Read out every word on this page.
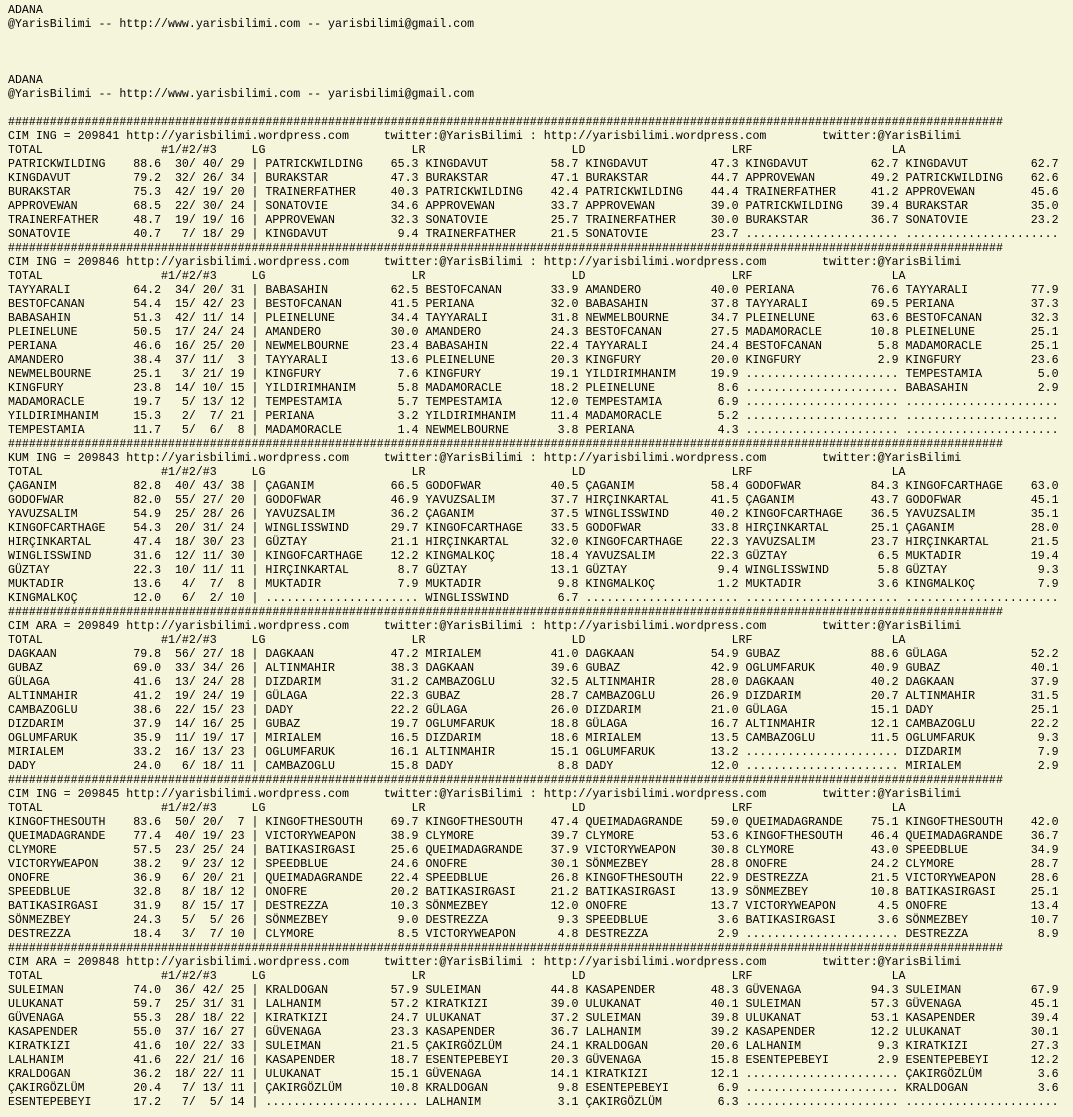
ADANA
@YarisBilimi -- http://www.yarisbilimi.com -- yarisbilimi@gmail.com
ADANA
@YarisBilimi -- http://www.yarisbilimi.com -- yarisbilimi@gmail.com
###############################################################################################################################################
CIM ING = 209841 http://yarisbilimi.wordpress.com     twitter:@YarisBilimi : http://yarisbilimi.wordpress.com        twitter:@YarisBilimi
TOTAL                 #1/#2/#3     LG                     LR                     LD                     LRF                    LA
PATRICKWILDING    88.6  30/ 40/ 29 | PATRICKWILDING    65.3 KINGDAVUT         58.7 KINGDAVUT         47.3 KINGDAVUT         62.7 KINGDAVUT         62.7
KINGDAVUT         79.2  32/ 26/ 34 | BURAKSTAR         47.3 BURAKSTAR         47.1 BURAKSTAR         44.7 APPROVEWAN        49.2 PATRICKWILDING    62.6
BURAKSTAR         75.3  42/ 19/ 20 | TRAINERFATHER     40.3 PATRICKWILDING    42.4 PATRICKWILDING    44.4 TRAINERFATHER     41.2 APPROVEWAN        45.6
APPROVEWAN        68.5  22/ 30/ 24 | SONATOVIE         34.6 APPROVEWAN        33.7 APPROVEWAN        39.0 PATRICKWILDING    39.4 BURAKSTAR         35.0
TRAINERFATHER     48.7  19/ 19/ 16 | APPROVEWAN        32.3 SONATOVIE         25.7 TRAINERFATHER     30.0 BURAKSTAR         36.7 SONATOVIE         23.2
SONATOVIE         40.7   7/ 18/ 29 | KINGDAVUT          9.4 TRAINERFATHER     21.5 SONATOVIE         23.7 ...................... ......................
###############################################################################################################################################
CIM ING = 209846 http://yarisbilimi.wordpress.com     twitter:@YarisBilimi : http://yarisbilimi.wordpress.com        twitter:@YarisBilimi
TOTAL                 #1/#2/#3     LG                     LR                     LD                     LRF                    LA
TAYYARALI         64.2  34/ 20/ 31 | BABASAHIN         62.5 BESTOFCANAN       33.9 AMANDERO          40.0 PERIANA           76.6 TAYYARALI         77.9
BESTOFCANAN       54.4  15/ 42/ 23 | BESTOFCANAN       41.5 PERIANA           32.0 BABASAHIN         37.8 TAYYARALI         69.5 PERIANA           37.3
BABASAHIN         51.3  42/ 11/ 14 | PLEINELUNE        34.4 TAYYARALI         31.8 NEWMELBOURNE      34.7 PLEINELUNE        63.6 BESTOFCANAN       32.3
PLEINELUNE        50.5  17/ 24/ 24 | AMANDERO          30.0 AMANDERO          24.3 BESTOFCANAN       27.5 MADAMORACLE       10.8 PLEINELUNE        25.1
PERIANA           46.6  16/ 25/ 20 | NEWMELBOURNE      23.4 BABASAHIN         22.4 TAYYARALI         24.4 BESTOFCANAN        5.8 MADAMORACLE       25.1
AMANDERO          38.4  37/ 11/  3 | TAYYARALI         13.6 PLEINELUNE        20.3 KINGFURY          20.0 KINGFURY           2.9 KINGFURY          23.6
NEWMELBOURNE      25.1   3/ 21/ 19 | KINGFURY           7.6 KINGFURY          19.1 YILDIRIMHANIM     19.9 ...................... TEMPESTAMIA        5.0
KINGFURY          23.8  14/ 10/ 15 | YILDIRIMHANIM      5.8 MADAMORACLE       18.2 PLEINELUNE         8.6 ...................... BABASAHIN          2.9
MADAMORACLE       19.7   5/ 13/ 12 | TEMPESTAMIA        5.7 TEMPESTAMIA       12.0 TEMPESTAMIA        6.9 ...................... ......................
YILDIRIMHANIM     15.3   2/  7/ 21 | PERIANA            3.2 YILDIRIMHANIM     11.4 MADAMORACLE        5.2 ...................... ......................
TEMPESTAMIA       11.7   5/  6/  8 | MADAMORACLE        1.4 NEWMELBOURNE       3.8 PERIANA            4.3 ...................... ......................
###############################################################################################################################################
KUM ING = 209843 http://yarisbilimi.wordpress.com     twitter:@YarisBilimi : http://yarisbilimi.wordpress.com        twitter:@YarisBilimi
TOTAL                 #1/#2/#3     LG                     LR                     LD                     LRF                    LA
ÇAGANIM           82.8  40/ 43/ 38 | ÇAGANIM           66.5 GODOFWAR          40.5 ÇAGANIM           58.4 GODOFWAR          84.3 KINGOFCARTHAGE    63.0
GODOFWAR          82.0  55/ 27/ 20 | GODOFWAR          46.9 YAVUZSALIM        37.7 HIRÇINKARTAL      41.5 ÇAGANIM           43.7 GODOFWAR          45.1
YAVUZSALIM        54.9  25/ 28/ 26 | YAVUZSALIM        36.2 ÇAGANIM           37.5 WINGLISSWIND      40.2 KINGOFCARTHAGE    36.5 YAVUZSALIM        35.1
KINGOFCARTHAGE    54.3  20/ 31/ 24 | WINGLISSWIND      29.7 KINGOFCARTHAGE    33.5 GODOFWAR          33.8 HIRÇINKARTAL      25.1 ÇAGANIM           28.0
HIRÇINKARTAL      47.4  18/ 30/ 23 | GÜZTAY            21.1 HIRÇINKARTAL      32.0 KINGOFCARTHAGE    22.3 YAVUZSALIM        23.7 HIRÇINKARTAL      21.5
WINGLISSWIND      31.6  12/ 11/ 30 | KINGOFCARTHAGE    12.2 KINGMALKOÇ        18.4 YAVUZSALIM        22.3 GÜZTAY             6.5 MUKTADIR          19.4
GÜZTAY            22.3  10/ 11/ 11 | HIRÇINKARTAL       8.7 GÜZTAY            13.1 GÜZTAY             9.4 WINGLISSWIND       5.8 GÜZTAY             9.3
MUKTADIR          13.6   4/  7/  8 | MUKTADIR           7.9 MUKTADIR           9.8 KINGMALKOÇ         1.2 MUKTADIR           3.6 KINGMALKOÇ         7.9
KINGMALKOÇ        12.0   6/  2/ 10 | ...................... WINGLISSWIND       6.7 ...................... ...................... ......................
###############################################################################################################################################
CIM ARA = 209849 http://yarisbilimi.wordpress.com     twitter:@YarisBilimi : http://yarisbilimi.wordpress.com        twitter:@YarisBilimi
TOTAL                 #1/#2/#3     LG                     LR                     LD                     LRF                    LA
DAGKAAN           79.8  56/ 27/ 18 | DAGKAAN           47.2 MIRIALEM          41.0 DAGKAAN           54.9 GUBAZ             88.6 GÜLAGA            52.2
GUBAZ             69.0  33/ 34/ 26 | ALTINMAHIR        38.3 DAGKAAN           39.6 GUBAZ             42.9 OGLUMFARUK        40.9 GUBAZ             40.1
GÜLAGA            41.6  13/ 24/ 28 | DIZDARIM          31.2 CAMBAZOGLU        32.5 ALTINMAHIR        28.0 DAGKAAN           40.2 DAGKAAN           37.9
ALTINMAHIR        41.2  19/ 24/ 19 | GÜLAGA            22.3 GUBAZ             28.7 CAMBAZOGLU        26.9 DIZDARIM          20.7 ALTINMAHIR        31.5
CAMBAZOGLU        38.6  22/ 15/ 23 | DADY              22.2 GÜLAGA            26.0 DIZDARIM          21.0 GÜLAGA            15.1 DADY              25.1
DIZDARIM          37.9  14/ 16/ 25 | GUBAZ             19.7 OGLUMFARUK        18.8 GÜLAGA            16.7 ALTINMAHIR        12.1 CAMBAZOGLU        22.2
OGLUMFARUK        35.9  11/ 19/ 17 | MIRIALEM          16.5 DIZDARIM          18.6 MIRIALEM          13.5 CAMBAZOGLU        11.5 OGLUMFARUK         9.3
MIRIALEM          33.2  16/ 13/ 23 | OGLUMFARUK        16.1 ALTINMAHIR        15.1 OGLUMFARUK        13.2 ...................... DIZDARIM           7.9
DADY              24.0   6/ 18/ 11 | CAMBAZOGLU        15.8 DADY               8.8 DADY              12.0 ...................... MIRIALEM           2.9
###############################################################################################################################################
CIM ING = 209845 http://yarisbilimi.wordpress.com     twitter:@YarisBilimi : http://yarisbilimi.wordpress.com        twitter:@YarisBilimi
TOTAL                 #1/#2/#3     LG                     LR                     LD                     LRF                    LA
KINGOFTHESOUTH    83.6  50/ 20/  7 | KINGOFTHESOUTH    69.7 KINGOFTHESOUTH    47.4 QUEIMADAGRANDE    59.0 QUEIMADAGRANDE    75.1 KINGOFTHESOUTH    42.0
QUEIMADAGRANDE    77.4  40/ 19/ 23 | VICTORYWEAPON     38.9 CLYMORE           39.7 CLYMORE           53.6 KINGOFTHESOUTH    46.4 QUEIMADAGRANDE    36.7
CLYMORE           57.5  23/ 25/ 24 | BATIKASIRGASI     25.6 QUEIMADAGRANDE    37.9 VICTORYWEAPON     30.8 CLYMORE           43.0 SPEEDBLUE         34.9
VICTORYWEAPON     38.2   9/ 23/ 12 | SPEEDBLUE         24.6 ONOFRE            30.1 SÖNMEZBEY         28.8 ONOFRE            24.2 CLYMORE           28.7
ONOFRE            36.9   6/ 20/ 21 | QUEIMADAGRANDE    22.4 SPEEDBLUE         26.8 KINGOFTHESOUTH    22.9 DESTREZZA         21.5 VICTORYWEAPON     28.6
SPEEDBLUE         32.8   8/ 18/ 12 | ONOFRE            20.2 BATIKASIRGASI     21.2 BATIKASIRGASI     13.9 SÖNMEZBEY         10.8 BATIKASIRGASI     25.1
BATIKASIRGASI     31.9   8/ 15/ 17 | DESTREZZA         10.3 SÖNMEZBEY         12.0 ONOFRE            13.7 VICTORYWEAPON      4.5 ONOFRE            13.4
SÖNMEZBEY         24.3   5/  5/ 26 | SÖNMEZBEY          9.0 DESTREZZA          9.3 SPEEDBLUE          3.6 BATIKASIRGASI      3.6 SÖNMEZBEY         10.7
DESTREZZA         18.4   3/  7/ 10 | CLYMORE            8.5 VICTORYWEAPON      4.8 DESTREZZA          2.9 ...................... DESTREZZA          8.9
###############################################################################################################################################
CIM ARA = 209848 http://yarisbilimi.wordpress.com     twitter:@YarisBilimi : http://yarisbilimi.wordpress.com        twitter:@YarisBilimi
TOTAL                 #1/#2/#3     LG                     LR                     LD                     LRF                    LA
SULEIMAN          74.0  36/ 42/ 25 | KRALDOGAN         57.9 SULEIMAN          44.8 KASAPENDER        48.3 GÜVENAGA          94.3 SULEIMAN          67.9
ULUKANAT          59.7  25/ 31/ 31 | LALHANIM          57.2 KIRATKIZI         39.0 ULUKANAT          40.1 SULEIMAN          57.3 GÜVENAGA          45.1
GÜVENAGA          55.3  28/ 18/ 22 | KIRATKIZI         24.7 ULUKANAT          37.2 SULEIMAN          39.8 ULUKANAT          53.1 KASAPENDER        39.4
KASAPENDER        55.0  37/ 16/ 27 | GÜVENAGA          23.3 KASAPENDER        36.7 LALHANIM          39.2 KASAPENDER        12.2 ULUKANAT          30.1
KIRATKIZI         41.6  10/ 22/ 33 | SULEIMAN          21.5 ÇAKIRGÖZLÜM       24.1 KRALDOGAN         20.6 LALHANIM           9.3 KIRATKIZI         27.3
LALHANIM          41.6  22/ 21/ 16 | KASAPENDER        18.7 ESENTEPEBEYI      20.3 GÜVENAGA          15.8 ESENTEPEBEYI       2.9 ESENTEPEBEYI      12.2
KRALDOGAN         36.2  18/ 22/ 11 | ULUKANAT          15.1 GÜVENAGA          14.1 KIRATKIZI         12.1 ...................... ÇAKIRGÖZLÜM        3.6
ÇAKIRGÖZLÜM       20.4   7/ 13/ 11 | ÇAKIRGÖZLÜM       10.8 KRALDOGAN          9.8 ESENTEPEBEYI       6.9 ...................... KRALDOGAN          3.6
ESENTEPEBEYI      17.2   7/  5/ 14 | ...................... LALHANIM           3.1 ÇAKIRGÖZLÜM        6.3 ...................... ......................
